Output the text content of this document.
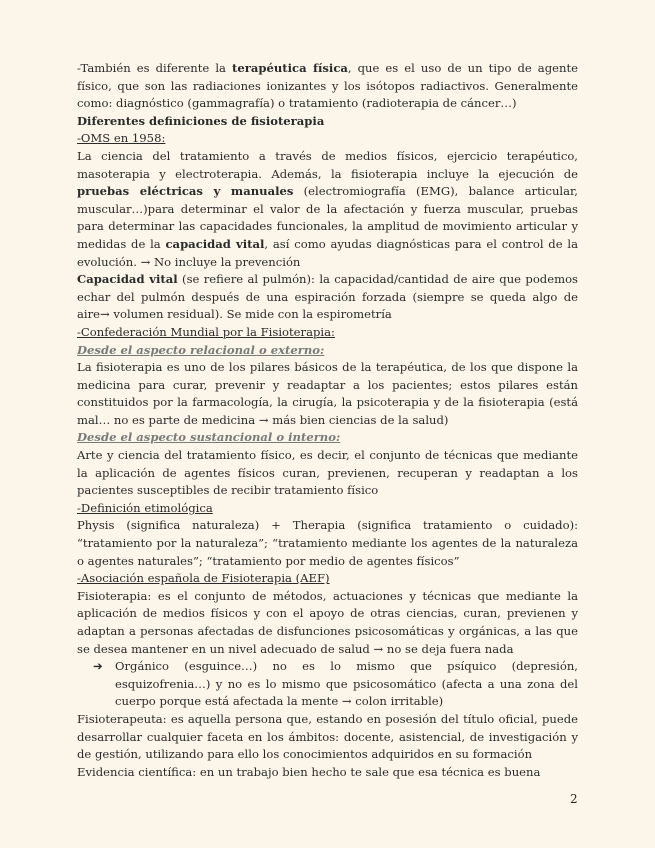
-También es diferente la terapéutica física, que es el uso de un tipo de agente físico, que son las radiaciones ionizantes y los isótopos radiactivos. Generalmente como: diagnóstico (gammagrafía) o tratamiento (radioterapia de cáncer…)

Diferentes definiciones de fisioterapia

-OMS en 1958:

La ciencia del tratamiento a través de medios físicos, ejercicio terapéutico, masoterapia y electroterapia. Además, la fisioterapia incluye la ejecución de pruebas eléctricas y manuales (electromiografía (EMG), balance articular, muscular…)para determinar el valor de la afectación y fuerza muscular, pruebas para determinar las capacidades funcionales, la amplitud de movimiento articular y medidas de la capacidad vital, así como ayudas diagnósticas para el control de la evolución. → No incluye la prevención

Capacidad vital (se refiere al pulmón): la capacidad/cantidad de aire que podemos echar del pulmón después de una espiración forzada (siempre se queda algo de aire→ volumen residual). Se mide con la espirometría

-Confederación Mundial por la Fisioterapia:

Desde el aspecto relacional o externo:

La fisioterapia es uno de los pilares básicos de la terapéutica, de los que dispone la medicina para curar, prevenir y readaptar a los pacientes; estos pilares están constituidos por la farmacología, la cirugía, la psicoterapia y de la fisioterapia (está mal… no es parte de medicina → más bien ciencias de la salud)

Desde el aspecto sustancional o interno:

Arte y ciencia del tratamiento físico, es decir, el conjunto de técnicas que mediante la aplicación de agentes físicos curan, previenen, recuperan y readaptan a los pacientes susceptibles de recibir tratamiento físico

-Definición etimológica

Physis (significa naturaleza) + Therapia (significa tratamiento o cuidado): “tratamiento por la naturaleza”; “tratamiento mediante los agentes de la naturaleza o agentes naturales”; “tratamiento por medio de agentes físicos”

-Asociación española de Fisioterapia (AEF)

Fisioterapia: es el conjunto de métodos, actuaciones y técnicas que mediante la aplicación de medios físicos y con el apoyo de otras ciencias, curan, previenen y adaptan a personas afectadas de disfunciones psicosomáticas y orgánicas, a las que se desea mantener en un nivel adecuado de salud → no se deja fuera nada

➔	Orgánico (esguince…) no es lo mismo que psíquico (depresión, esquizofrenia…) y no es lo mismo que psicosomático (afecta a una zona del cuerpo porque está afectada la mente → colon irritable)

Fisioterapeuta: es aquella persona que, estando en posesión del título oficial, puede desarrollar cualquier faceta en los ámbitos: docente, asistencial, de investigación y de gestión, utilizando para ello los conocimientos adquiridos en su formación

Evidencia científica: en un trabajo bien hecho te sale que esa técnica es buena

2
